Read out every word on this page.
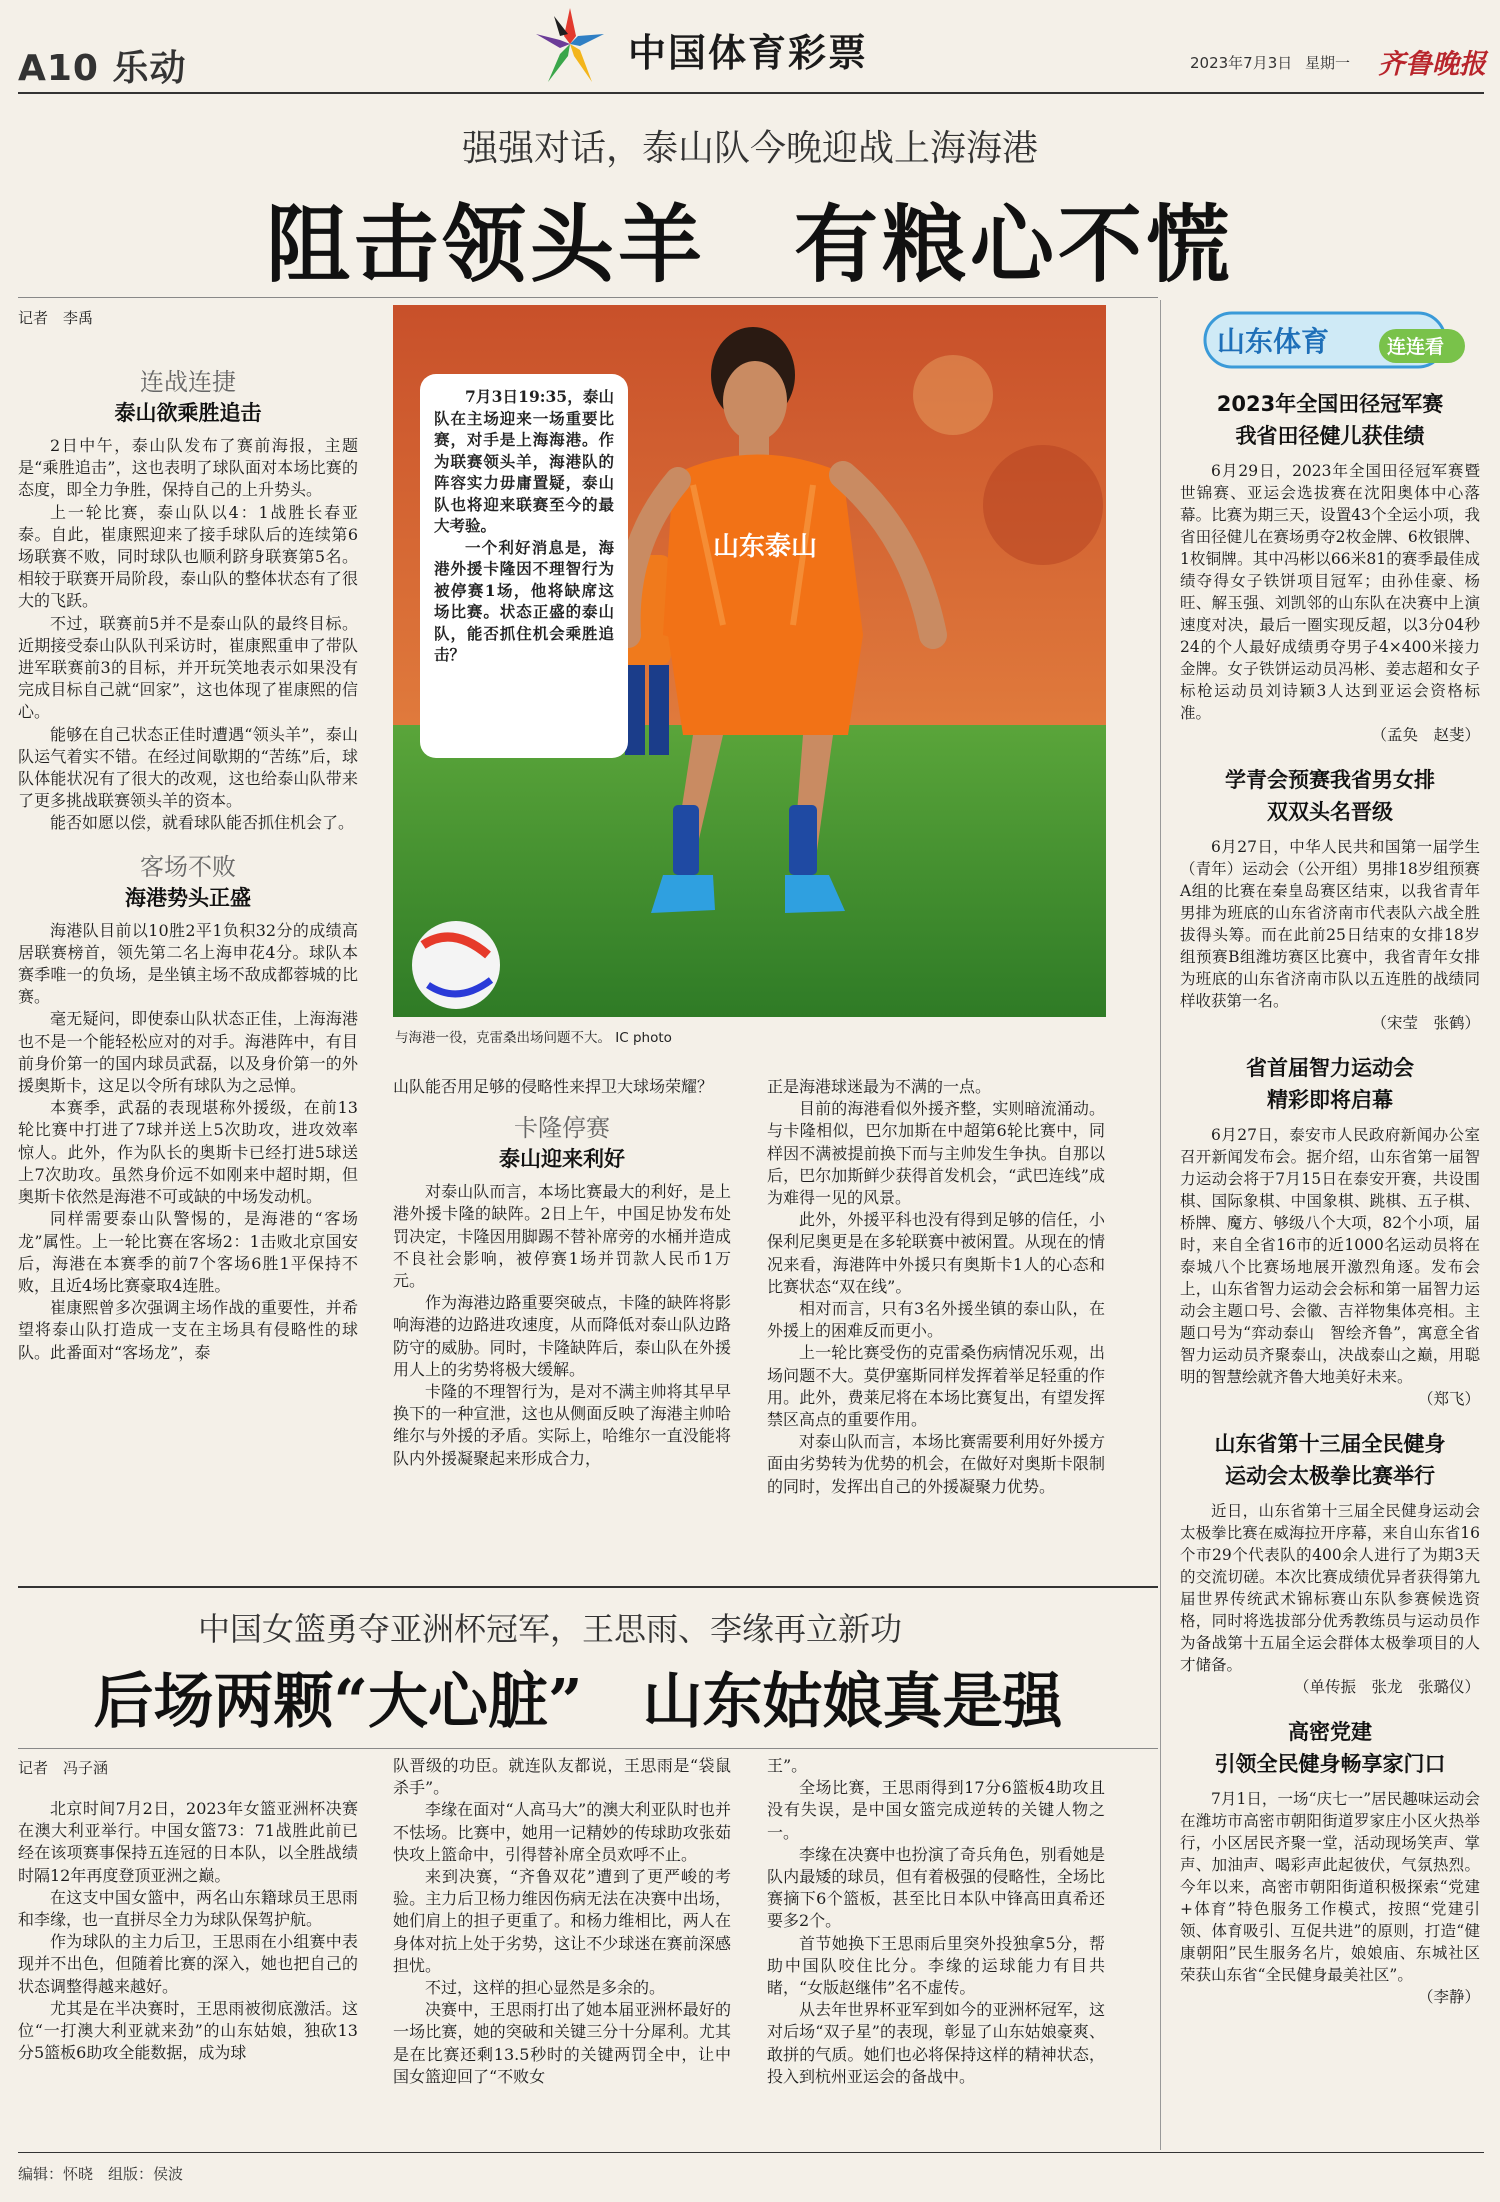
A10 乐动	中国体育彩票	2023年7月3日 星期一 齐鲁晚报
强强对话，泰山队今晚迎战上海海港
阻击领头羊　有粮心不慌
记者　李禹
连战连捷
泰山欲乘胜追击

2日中午，泰山队发布了赛前海报，主题是“乘胜追击”，这也表明了球队面对本场比赛的态度，即全力争胜，保持自己的上升势头。

上一轮比赛，泰山队以4：1战胜长春亚泰。自此，崔康熙迎来了接手球队后的连续第6场联赛不败，同时球队也顺利跻身联赛第5名。相较于联赛开局阶段，泰山队的整体状态有了很大的飞跃。

不过，联赛前5并不是泰山队的最终目标。近期接受泰山队队刊采访时，崔康熙重申了带队进军联赛前3的目标，并开玩笑地表示如果没有完成目标自己就“回家”，这也体现了崔康熙的信心。

能够在自己状态正佳时遭遇“领头羊”，泰山队运气着实不错。在经过间歇期的“苦练”后，球队体能状况有了很大的改观，这也给泰山队带来了更多挑战联赛领头羊的资本。

能否如愿以偿，就看球队能否抓住机会了。

客场不败
海港势头正盛

海港队目前以10胜2平1负积32分的成绩高居联赛榜首，领先第二名上海申花4分。球队本赛季唯一的负场，是坐镇主场不敌成都蓉城的比赛。

毫无疑问，即使泰山队状态正佳，上海海港也不是一个能轻松应对的对手。海港阵中，有目前身价第一的国内球员武磊，以及身价第一的外援奥斯卡，这足以令所有球队为之忌惮。

本赛季，武磊的表现堪称外援级，在前13轮比赛中打进了7球并送上5次助攻，进攻效率惊人。此外，作为队长的奥斯卡已经打进5球送上7次助攻。虽然身价远不如刚来中超时期，但奥斯卡依然是海港不可或缺的中场发动机。

同样需要泰山队警惕的，是海港的“客场龙”属性。上一轮比赛在客场2：1击败北京国安后，海港在本赛季的前7个客场6胜1平保持不败，且近4场比赛豪取4连胜。

崔康熙曾多次强调主场作战的重要性，并希望将泰山队打造成一支在主场具有侵略性的球队。此番面对“客场龙”，泰

山东泰山

7月3日19:35，泰山队在主场迎来一场重要比赛，对手是上海海港。作为联赛领头羊，海港队的阵容实力毋庸置疑，泰山队也将迎来联赛至今的最大考验。

一个利好消息是，海港外援卡隆因不理智行为被停赛1场，他将缺席这场比赛。状态正盛的泰山队，能否抓住机会乘胜追击？

与海港一役，克雷桑出场问题不大。 IC photo

山队能否用足够的侵略性来捍卫大球场荣耀？

卡隆停赛
泰山迎来利好

对泰山队而言，本场比赛最大的利好，是上港外援卡隆的缺阵。2日上午，中国足协发布处罚决定，卡隆因用脚踢不替补席旁的水桶并造成不良社会影响，被停赛1场并罚款人民币1万元。

作为海港边路重要突破点，卡隆的缺阵将影响海港的边路进攻速度，从而降低对泰山队边路防守的威胁。同时，卡隆缺阵后，泰山队在外援用人上的劣势将极大缓解。

卡隆的不理智行为，是对不满主帅将其早早换下的一种宣泄，这也从侧面反映了海港主帅哈维尔与外援的矛盾。实际上，哈维尔一直没能将队内外援凝聚起来形成合力，

正是海港球迷最为不满的一点。

目前的海港看似外援齐整，实则暗流涌动。与卡隆相似，巴尔加斯在中超第6轮比赛中，同样因不满被提前换下而与主帅发生争执。自那以后，巴尔加斯鲜少获得首发机会，“武巴连线”成为难得一见的风景。

此外，外援平科也没有得到足够的信任，小保利尼奥更是在多轮联赛中被闲置。从现在的情况来看，海港阵中外援只有奥斯卡1人的心态和比赛状态“双在线”。

相对而言，只有3名外援坐镇的泰山队，在外援上的困难反而更小。

上一轮比赛受伤的克雷桑伤病情况乐观，出场问题不大。莫伊塞斯同样发挥着举足轻重的作用。此外，费莱尼将在本场比赛复出，有望发挥禁区高点的重要作用。

对泰山队而言，本场比赛需要利用好外援方面由劣势转为优势的机会，在做好对奥斯卡限制的同时，发挥出自己的外援凝聚力优势。

中国女篮勇夺亚洲杯冠军，王思雨、李缘再立新功
后场两颗“大心脏”　山东姑娘真是强
记者　冯子涵

北京时间7月2日，2023年女篮亚洲杯决赛在澳大利亚举行。中国女篮73：71战胜此前已经在该项赛事保持五连冠的日本队，以全胜战绩时隔12年再度登顶亚洲之巅。

在这支中国女篮中，两名山东籍球员王思雨和李缘，也一直拼尽全力为球队保驾护航。

作为球队的主力后卫，王思雨在小组赛中表现并不出色，但随着比赛的深入，她也把自己的状态调整得越来越好。

尤其是在半决赛时，王思雨被彻底激活。这位“一打澳大利亚就来劲”的山东姑娘，独砍13分5篮板6助攻全能数据，成为球

队晋级的功臣。就连队友都说，王思雨是“袋鼠杀手”。

李缘在面对“人高马大”的澳大利亚队时也并不怯场。比赛中，她用一记精妙的传球助攻张茹快攻上篮命中，引得替补席全员欢呼不止。

来到决赛，“齐鲁双花”遭到了更严峻的考验。主力后卫杨力维因伤病无法在决赛中出场，她们肩上的担子更重了。和杨力维相比，两人在身体对抗上处于劣势，这让不少球迷在赛前深感担忧。

不过，这样的担心显然是多余的。

决赛中，王思雨打出了她本届亚洲杯最好的一场比赛，她的突破和关键三分十分犀利。尤其是在比赛还剩13.5秒时的关键两罚全中，让中国女篮迎回了“不败女

王”。

全场比赛，王思雨得到17分6篮板4助攻且没有失误，是中国女篮完成逆转的关键人物之一。

李缘在决赛中也扮演了奇兵角色，别看她是队内最矮的球员，但有着极强的侵略性，全场比赛摘下6个篮板，甚至比日本队中锋高田真希还要多2个。

首节她换下王思雨后里突外投独拿5分，帮助中国队咬住比分。李缘的运球能力有目共睹，“女版赵继伟”名不虚传。

从去年世界杯亚军到如今的亚洲杯冠军，这对后场“双子星”的表现，彰显了山东姑娘豪爽、敢拼的气质。她们也必将保持这样的精神状态，投入到杭州亚运会的备战中。

山东体育	连连看
2023年全国田径冠军赛
我省田径健儿获佳绩

6月29日，2023年全国田径冠军赛暨世锦赛、亚运会选拔赛在沈阳奥体中心落幕。比赛为期三天，设置43个全运小项，我省田径健儿在赛场勇夺2枚金牌、6枚银牌、1枚铜牌。其中冯彬以66米81的赛季最佳成绩夺得女子铁饼项目冠军；由孙佳豪、杨旺、解玉强、刘凯邻的山东队在决赛中上演速度对决，最后一圈实现反超，以3分04秒24的个人最好成绩勇夺男子4×400米接力金牌。女子铁饼运动员冯彬、姜志超和女子标枪运动员刘诗颖3人达到亚运会资格标准。

（孟奂　赵斐）
学青会预赛我省男女排
双双头名晋级

6月27日，中华人民共和国第一届学生（青年）运动会（公开组）男排18岁组预赛A组的比赛在秦皇岛赛区结束，以我省青年男排为班底的山东省济南市代表队六战全胜拔得头筹。而在此前25日结束的女排18岁组预赛B组潍坊赛区比赛中，我省青年女排为班底的山东省济南市队以五连胜的战绩同样收获第一名。

（宋莹　张鹤）
省首届智力运动会
精彩即将启幕

6月27日，泰安市人民政府新闻办公室召开新闻发布会。据介绍，山东省第一届智力运动会将于7月15日在泰安开赛，共设围棋、国际象棋、中国象棋、跳棋、五子棋、桥牌、魔方、够级八个大项，82个小项，届时，来自全省16市的近1000名运动员将在泰城八个比赛场地展开激烈角逐。发布会上，山东省智力运动会会标和第一届智力运动会主题口号、会徽、吉祥物集体亮相。主题口号为“弈动泰山　智绘齐鲁”，寓意全省智力运动员齐聚泰山，决战泰山之巅，用聪明的智慧绘就齐鲁大地美好未来。

（郑飞）
山东省第十三届全民健身
运动会太极拳比赛举行

近日，山东省第十三届全民健身运动会太极拳比赛在威海拉开序幕，来自山东省16个市29个代表队的400余人进行了为期3天的交流切磋。本次比赛成绩优异者获得第九届世界传统武术锦标赛山东队参赛候选资格，同时将选拔部分优秀教练员与运动员作为备战第十五届全运会群体太极拳项目的人才储备。

（单传振　张龙　张璐仪）
高密党建
引领全民健身畅享家门口

7月1日，一场“庆七一”居民趣味运动会在潍坊市高密市朝阳街道罗家庄小区火热举行，小区居民齐聚一堂，活动现场笑声、掌声、加油声、喝彩声此起彼伏，气氛热烈。今年以来，高密市朝阳街道积极探索“党建+体育”特色服务工作模式，按照“党建引领、体育吸引、互促共进”的原则，打造“健康朝阳”民生服务名片，娘娘庙、东城社区荣获山东省“全民健身最美社区”。

（李静）
编辑：怀晓　组版：侯波
